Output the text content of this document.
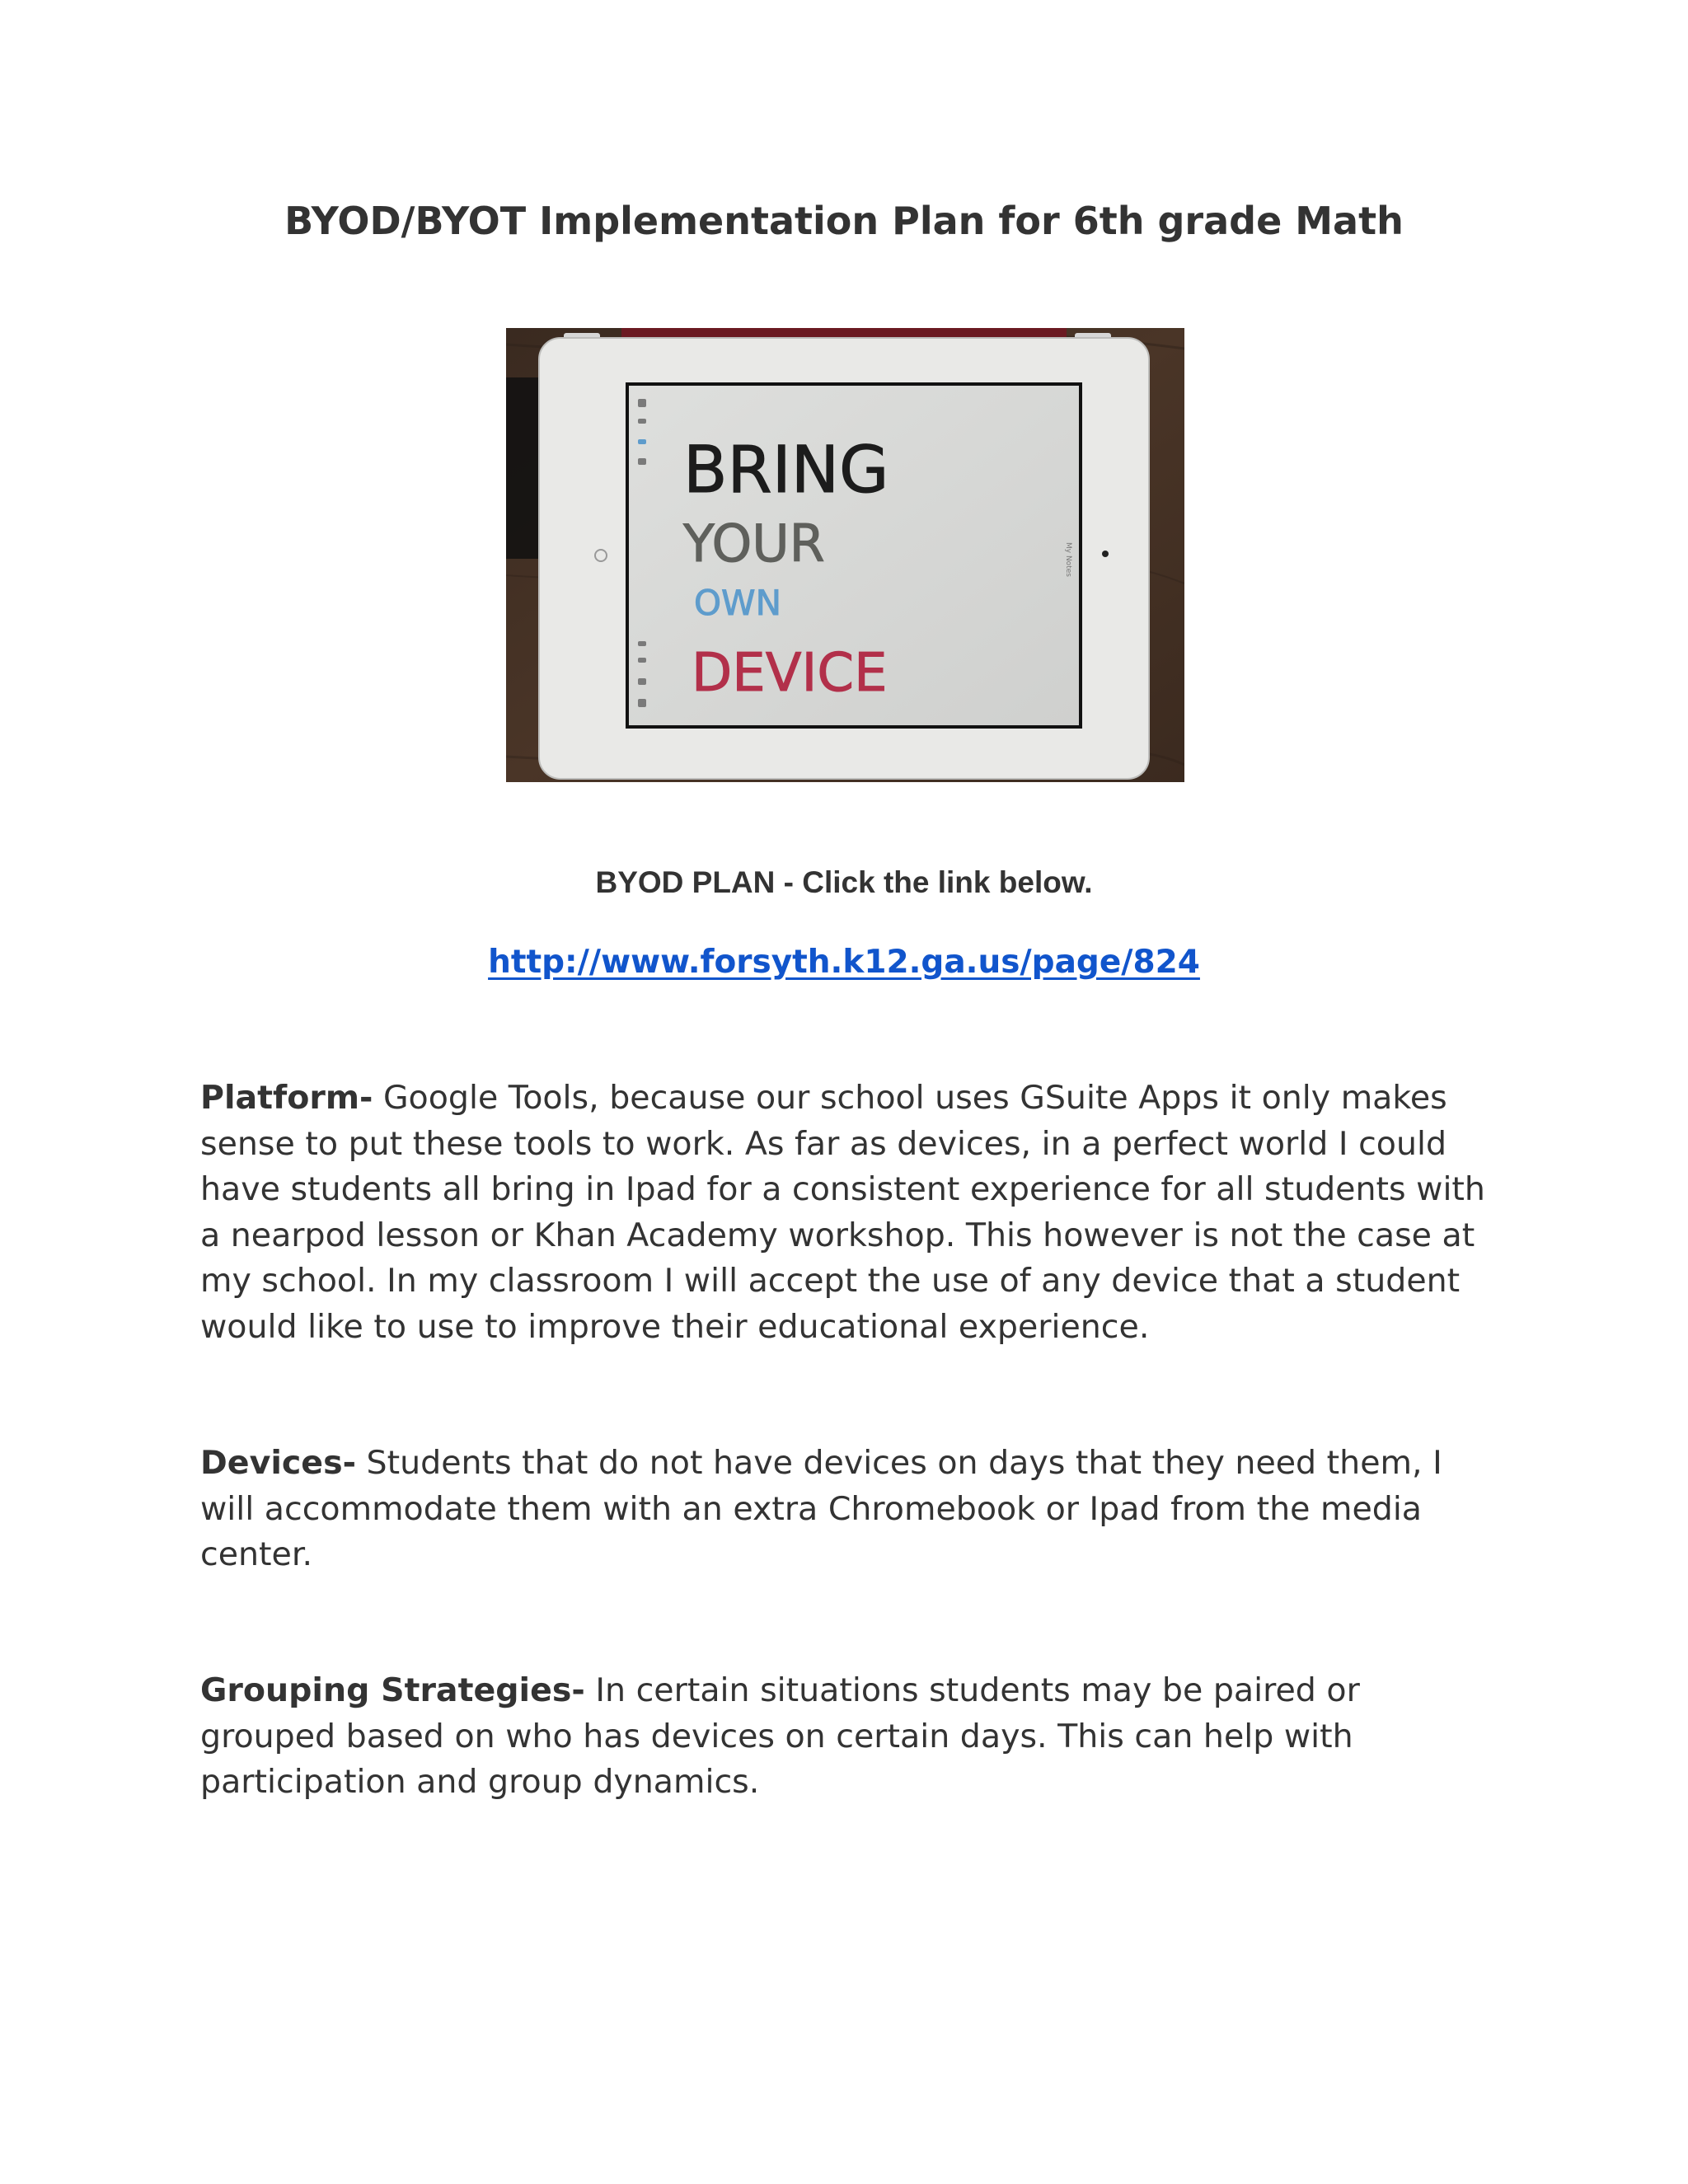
BYOD/BYOT Implementation Plan for 6th grade Math
BRING
YOUR
OWN
DEVICE
My Notes
BYOD PLAN - Click the link below.
http://www.forsyth.k12.ga.us/page/824

Platform- Google Tools, because our school uses GSuite Apps it only makes sense to put these tools to work. As far as devices, in a perfect world I could have students all bring in Ipad for a consistent experience for all students with a nearpod lesson or Khan Academy workshop. This however is not the case at my school. In my classroom I will accept the use of any device that a student would like to use to improve their educational experience.

Devices- Students that do not have devices on days that they need them, I will accommodate them with an extra Chromebook or Ipad from the media center.

Grouping Strategies- In certain situations students may be paired or grouped based on who has devices on certain days. This can help with participation and group dynamics.
